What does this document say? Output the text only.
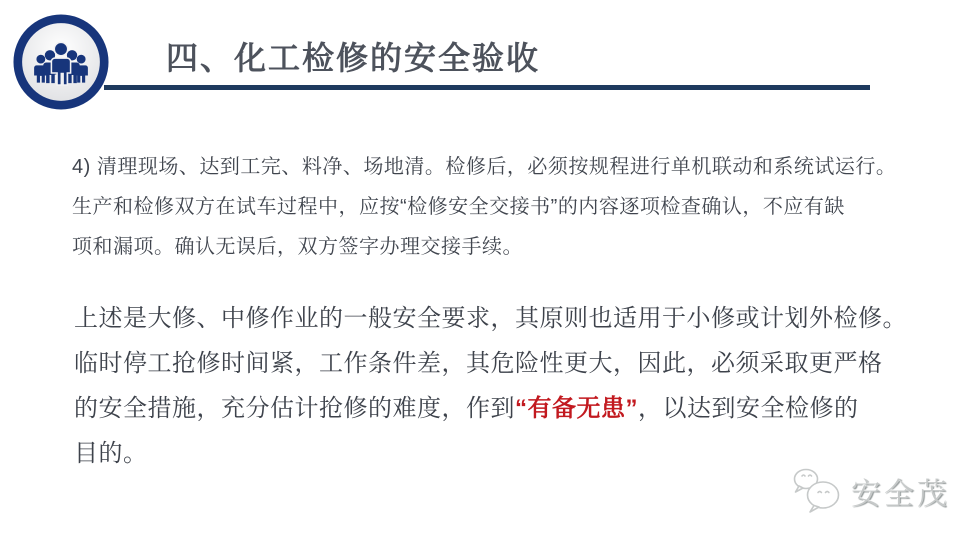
四、化工检修的安全验收
4) 清理现场、达到工完、料净、场地清。检修后，必须按规程进行单机联动和系统试运行。
生产和检修双方在试车过程中，应按“检修安全交接书”的内容逐项检查确认，不应有缺
项和漏项。确认无误后，双方签字办理交接手续。
上述是大修、中修作业的一般安全要求，其原则也适用于小修或计划外检修。
临时停工抢修时间紧，工作条件差，其危险性更大，因此，必须采取更严格
的安全措施，充分估计抢修的难度，作到“有备无患”，以达到安全检修的
目的。
安全茂
